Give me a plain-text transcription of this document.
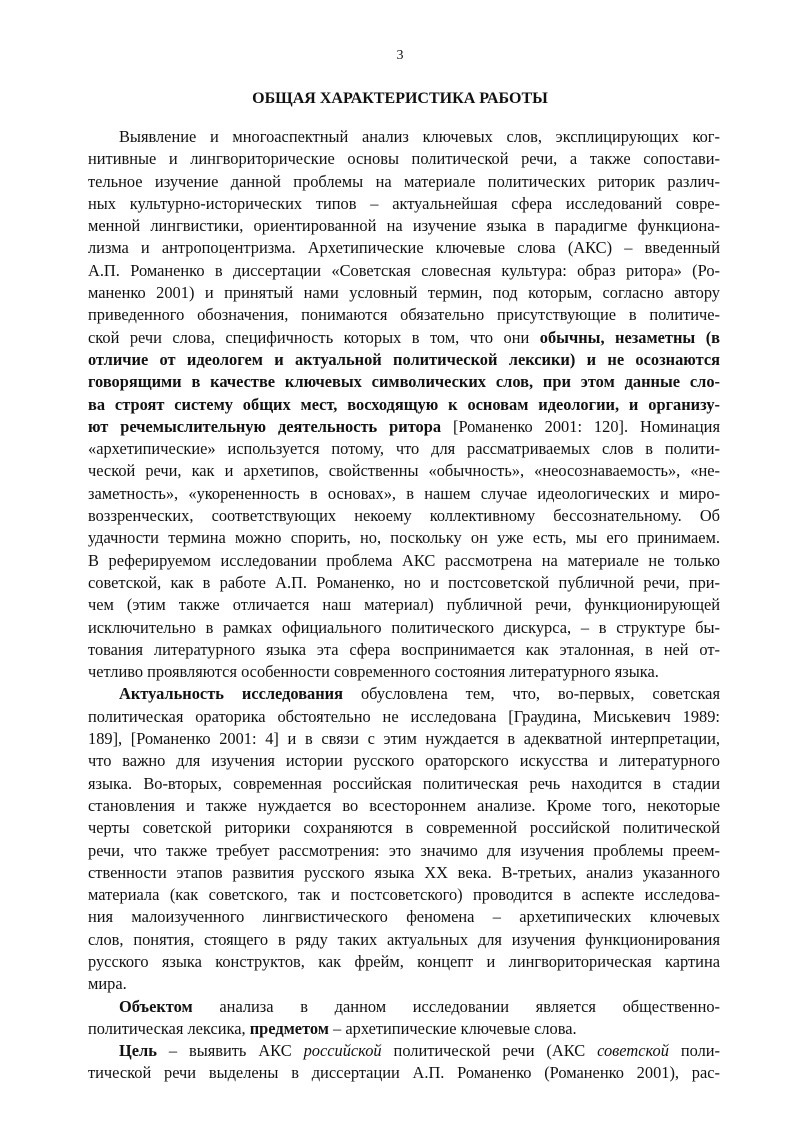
3
ОБЩАЯ ХАРАКТЕРИСТИКА РАБОТЫ
Выявление и многоаспектный анализ ключевых слов, эксплицирующих ког-
нитивные и лингвориторические основы политической речи, а также сопостави-
тельное изучение данной проблемы на материале политических риторик различ-
ных культурно-исторических типов – актуальнейшая сфера исследований совре-
менной лингвистики, ориентированной на изучение языка в парадигме функциона-
лизма и антропоцентризма. Архетипические ключевые слова (АКС) – введенный
А.П. Романенко в диссертации «Советская словесная культура: образ ритора» (Ро-
маненко 2001) и принятый нами условный термин, под которым, согласно автору
приведенного обозначения, понимаются обязательно присутствующие в политиче-
ской речи слова, специфичность которых в том, что они обычны, незаметны (в
отличие от идеологем и актуальной политической лексики) и не осознаются
говорящими в качестве ключевых символических слов, при этом данные сло-
ва строят систему общих мест, восходящую к основам идеологии, и организу-
ют речемыслительную деятельность ритора [Романенко 2001: 120]. Номинация
«архетипические» используется потому, что для рассматриваемых слов в полити-
ческой речи, как и архетипов, свойственны «обычность», «неосознаваемость», «не-
заметность», «укорененность в основах», в нашем случае идеологических и миро-
воззренческих, соответствующих некоему коллективному бессознательному. Об
удачности термина можно спорить, но, поскольку он уже есть, мы его принимаем.
В реферируемом исследовании проблема АКС рассмотрена на материале не только
советской, как в работе А.П. Романенко, но и постсоветской публичной речи, при-
чем (этим также отличается наш материал) публичной речи, функционирующей
исключительно в рамках официального политического дискурса, – в структуре бы-
тования литературного языка эта сфера воспринимается как эталонная, в ней от-
четливо проявляются особенности современного состояния литературного языка.
Актуальность исследования обусловлена тем, что, во-первых, советская
политическая ораторика обстоятельно не исследована [Граудина, Миськевич 1989:
189], [Романенко 2001: 4] и в связи с этим нуждается в адекватной интерпретации,
что важно для изучения истории русского ораторского искусства и литературного
языка. Во-вторых, современная российская политическая речь находится в стадии
становления и также нуждается во всестороннем анализе. Кроме того, некоторые
черты советской риторики сохраняются в современной российской политической
речи, что также требует рассмотрения: это значимо для изучения проблемы преем-
ственности этапов развития русского языка XX века. В-третьих, анализ указанного
материала (как советского, так и постсоветского) проводится в аспекте исследова-
ния малоизученного лингвистического феномена – архетипических ключевых
слов, понятия, стоящего в ряду таких актуальных для изучения функционирования
русского языка конструктов, как фрейм, концепт и лингвориторическая картина
мира.
Объектом анализа в данном исследовании является общественно-
политическая лексика, предметом – архетипические ключевые слова.
Цель – выявить АКС российской политической речи (АКС советской поли-
тической речи выделены в диссертации А.П. Романенко (Романенко 2001), рас-
